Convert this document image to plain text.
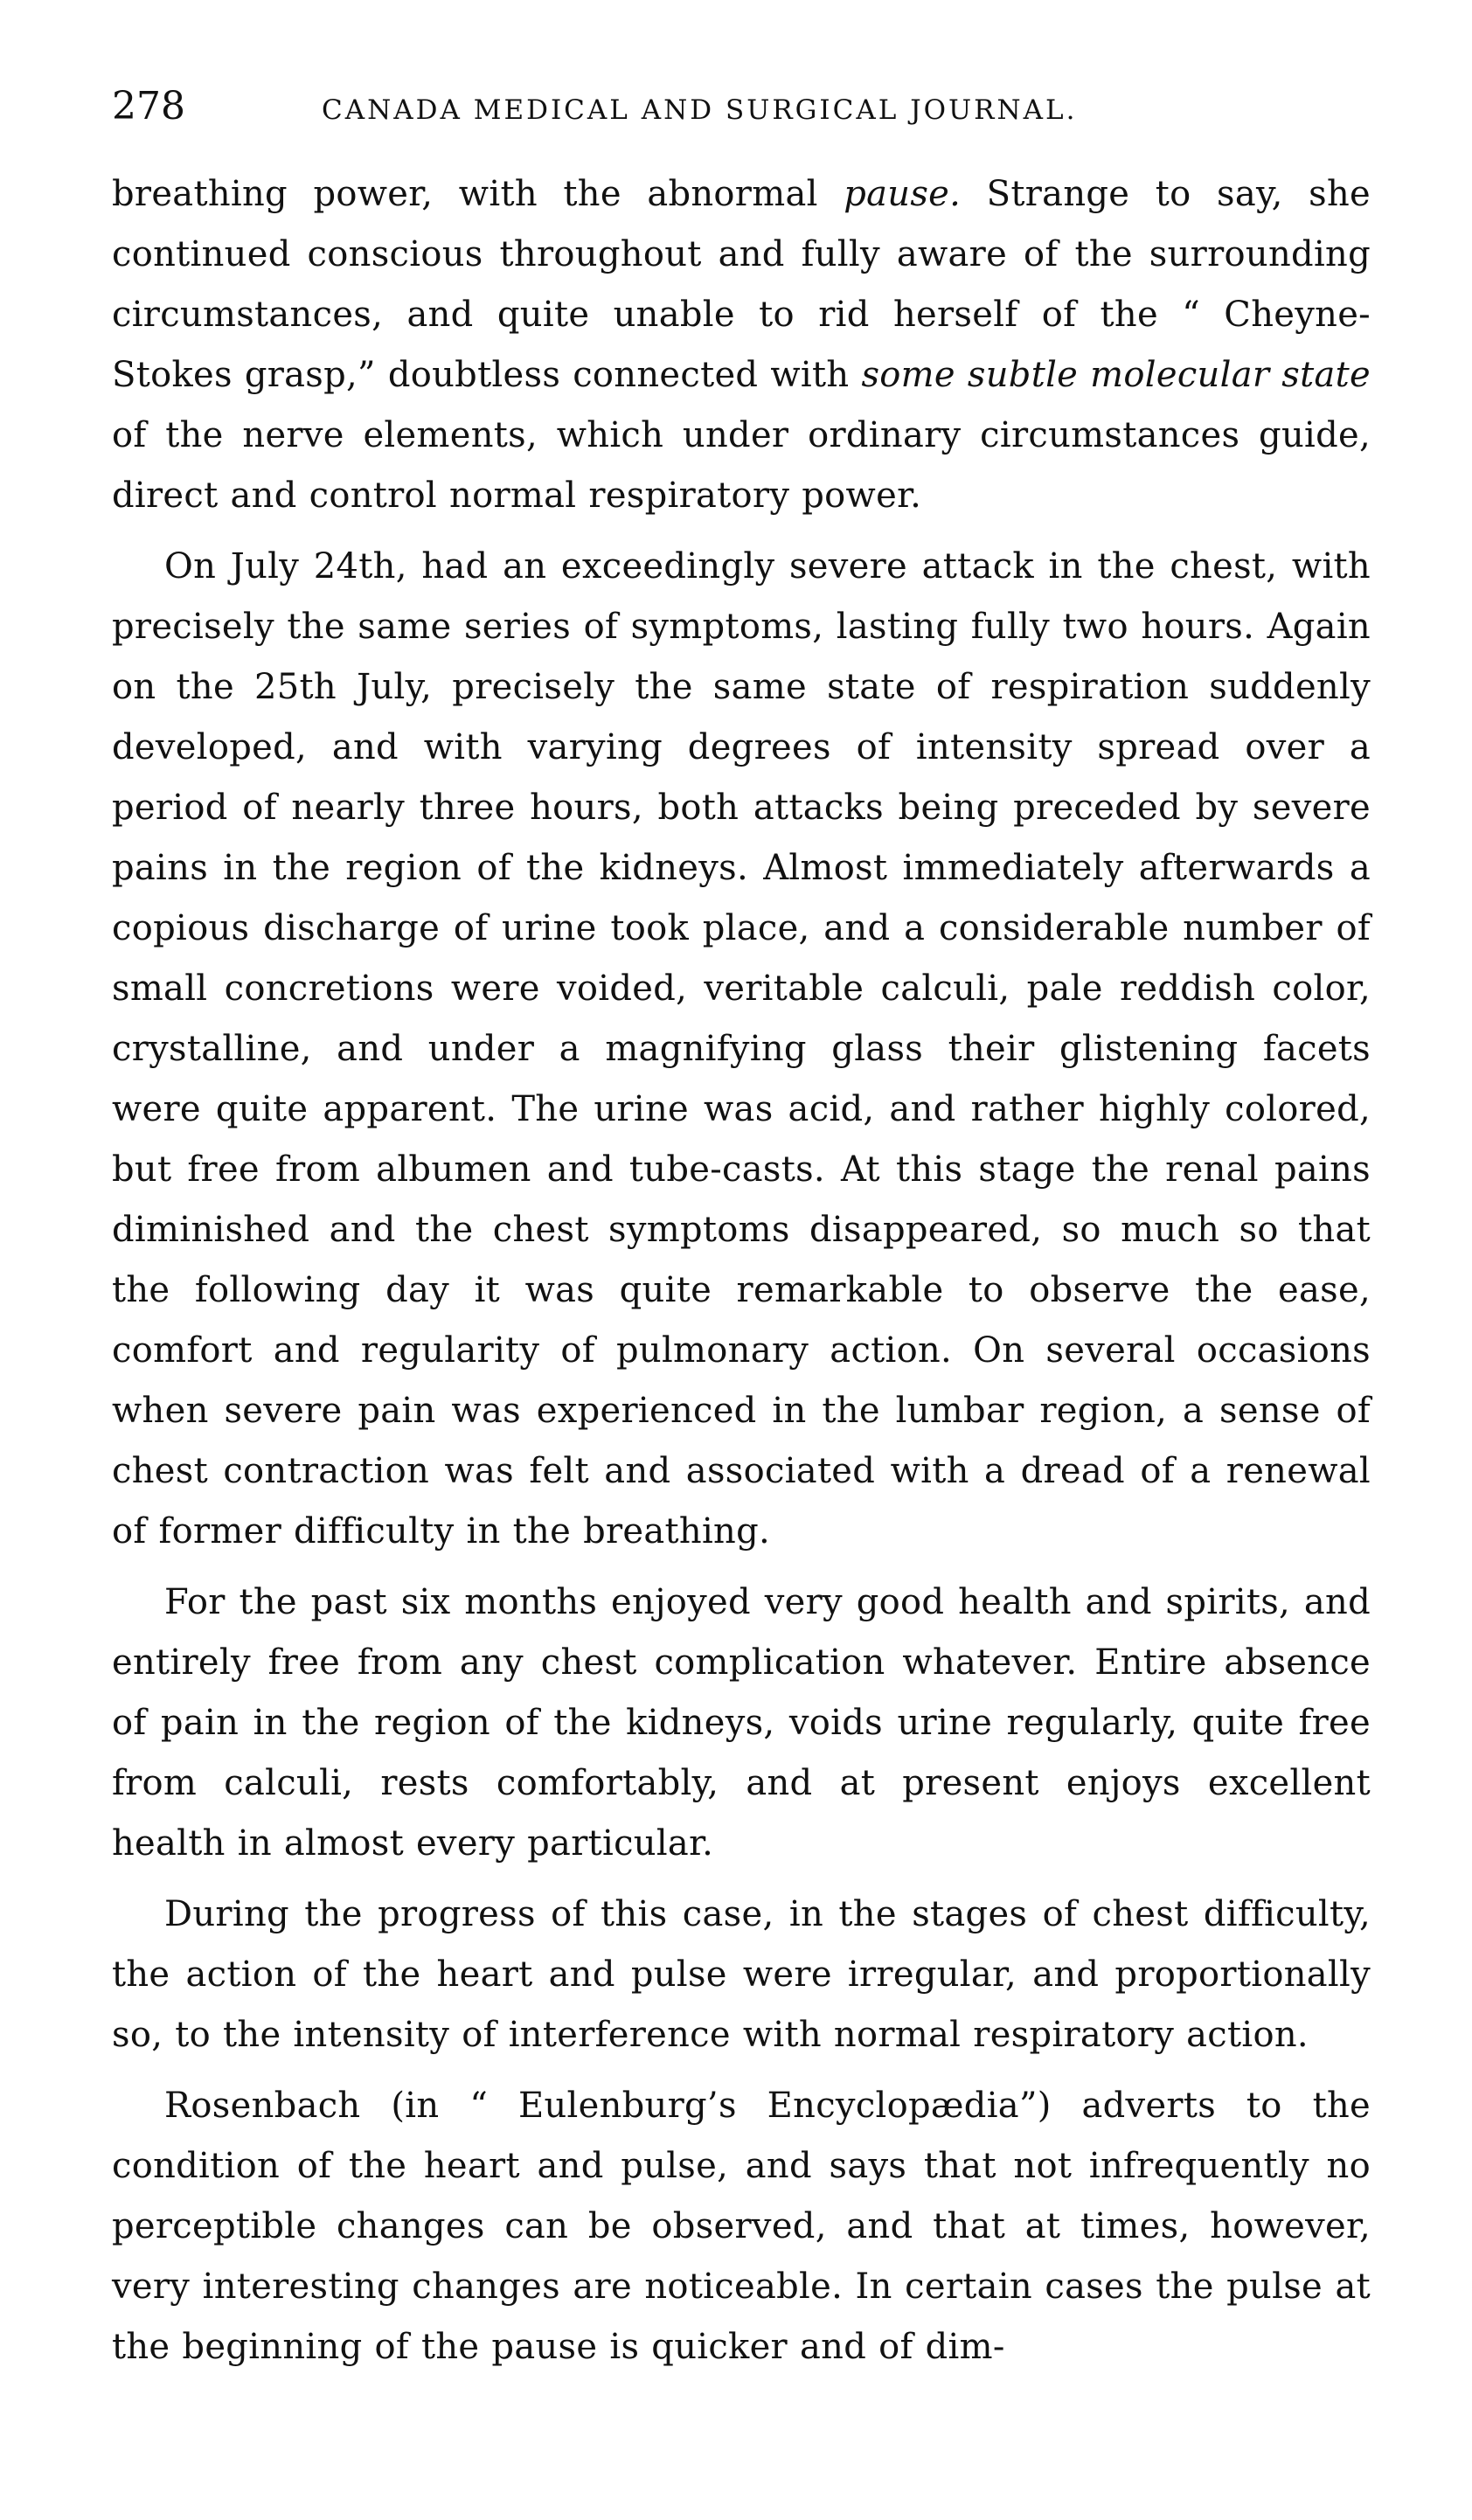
278	CANADA MEDICAL AND SURGICAL JOURNAL.

breathing power, with the abnormal pause. Strange to say, she continued conscious throughout and fully aware of the surrounding circumstances, and quite unable to rid herself of the “ Cheyne-Stokes grasp,” doubtless connected with some subtle molecular state of the nerve elements, which under ordinary circumstances guide, direct and control normal respiratory power.

On July 24th, had an exceedingly severe attack in the chest, with precisely the same series of symptoms, lasting fully two hours. Again on the 25th July, precisely the same state of respiration suddenly developed, and with varying degrees of intensity spread over a period of nearly three hours, both attacks being preceded by severe pains in the region of the kidneys. Almost immediately afterwards a copious discharge of urine took place, and a considerable number of small concretions were voided, veritable calculi, pale reddish color, crystalline, and under a magnifying glass their glistening facets were quite apparent. The urine was acid, and rather highly colored, but free from albumen and tube-casts. At this stage the renal pains diminished and the chest symptoms disappeared, so much so that the following day it was quite remarkable to observe the ease, comfort and regularity of pulmonary action. On several occasions when severe pain was experienced in the lumbar region, a sense of chest contraction was felt and associated with a dread of a renewal of former difficulty in the breathing.

For the past six months enjoyed very good health and spirits, and entirely free from any chest complication whatever. Entire absence of pain in the region of the kidneys, voids urine regularly, quite free from calculi, rests comfortably, and at present enjoys excellent health in almost every particular.

During the progress of this case, in the stages of chest difficulty, the action of the heart and pulse were irregular, and proportionally so, to the intensity of interference with normal respiratory action.

Rosenbach (in “ Eulenburg’s Encyclopædia”) adverts to the condition of the heart and pulse, and says that not infrequently no perceptible changes can be observed, and that at times, however, very interesting changes are noticeable. In certain cases the pulse at the beginning of the pause is quicker and of dim-
